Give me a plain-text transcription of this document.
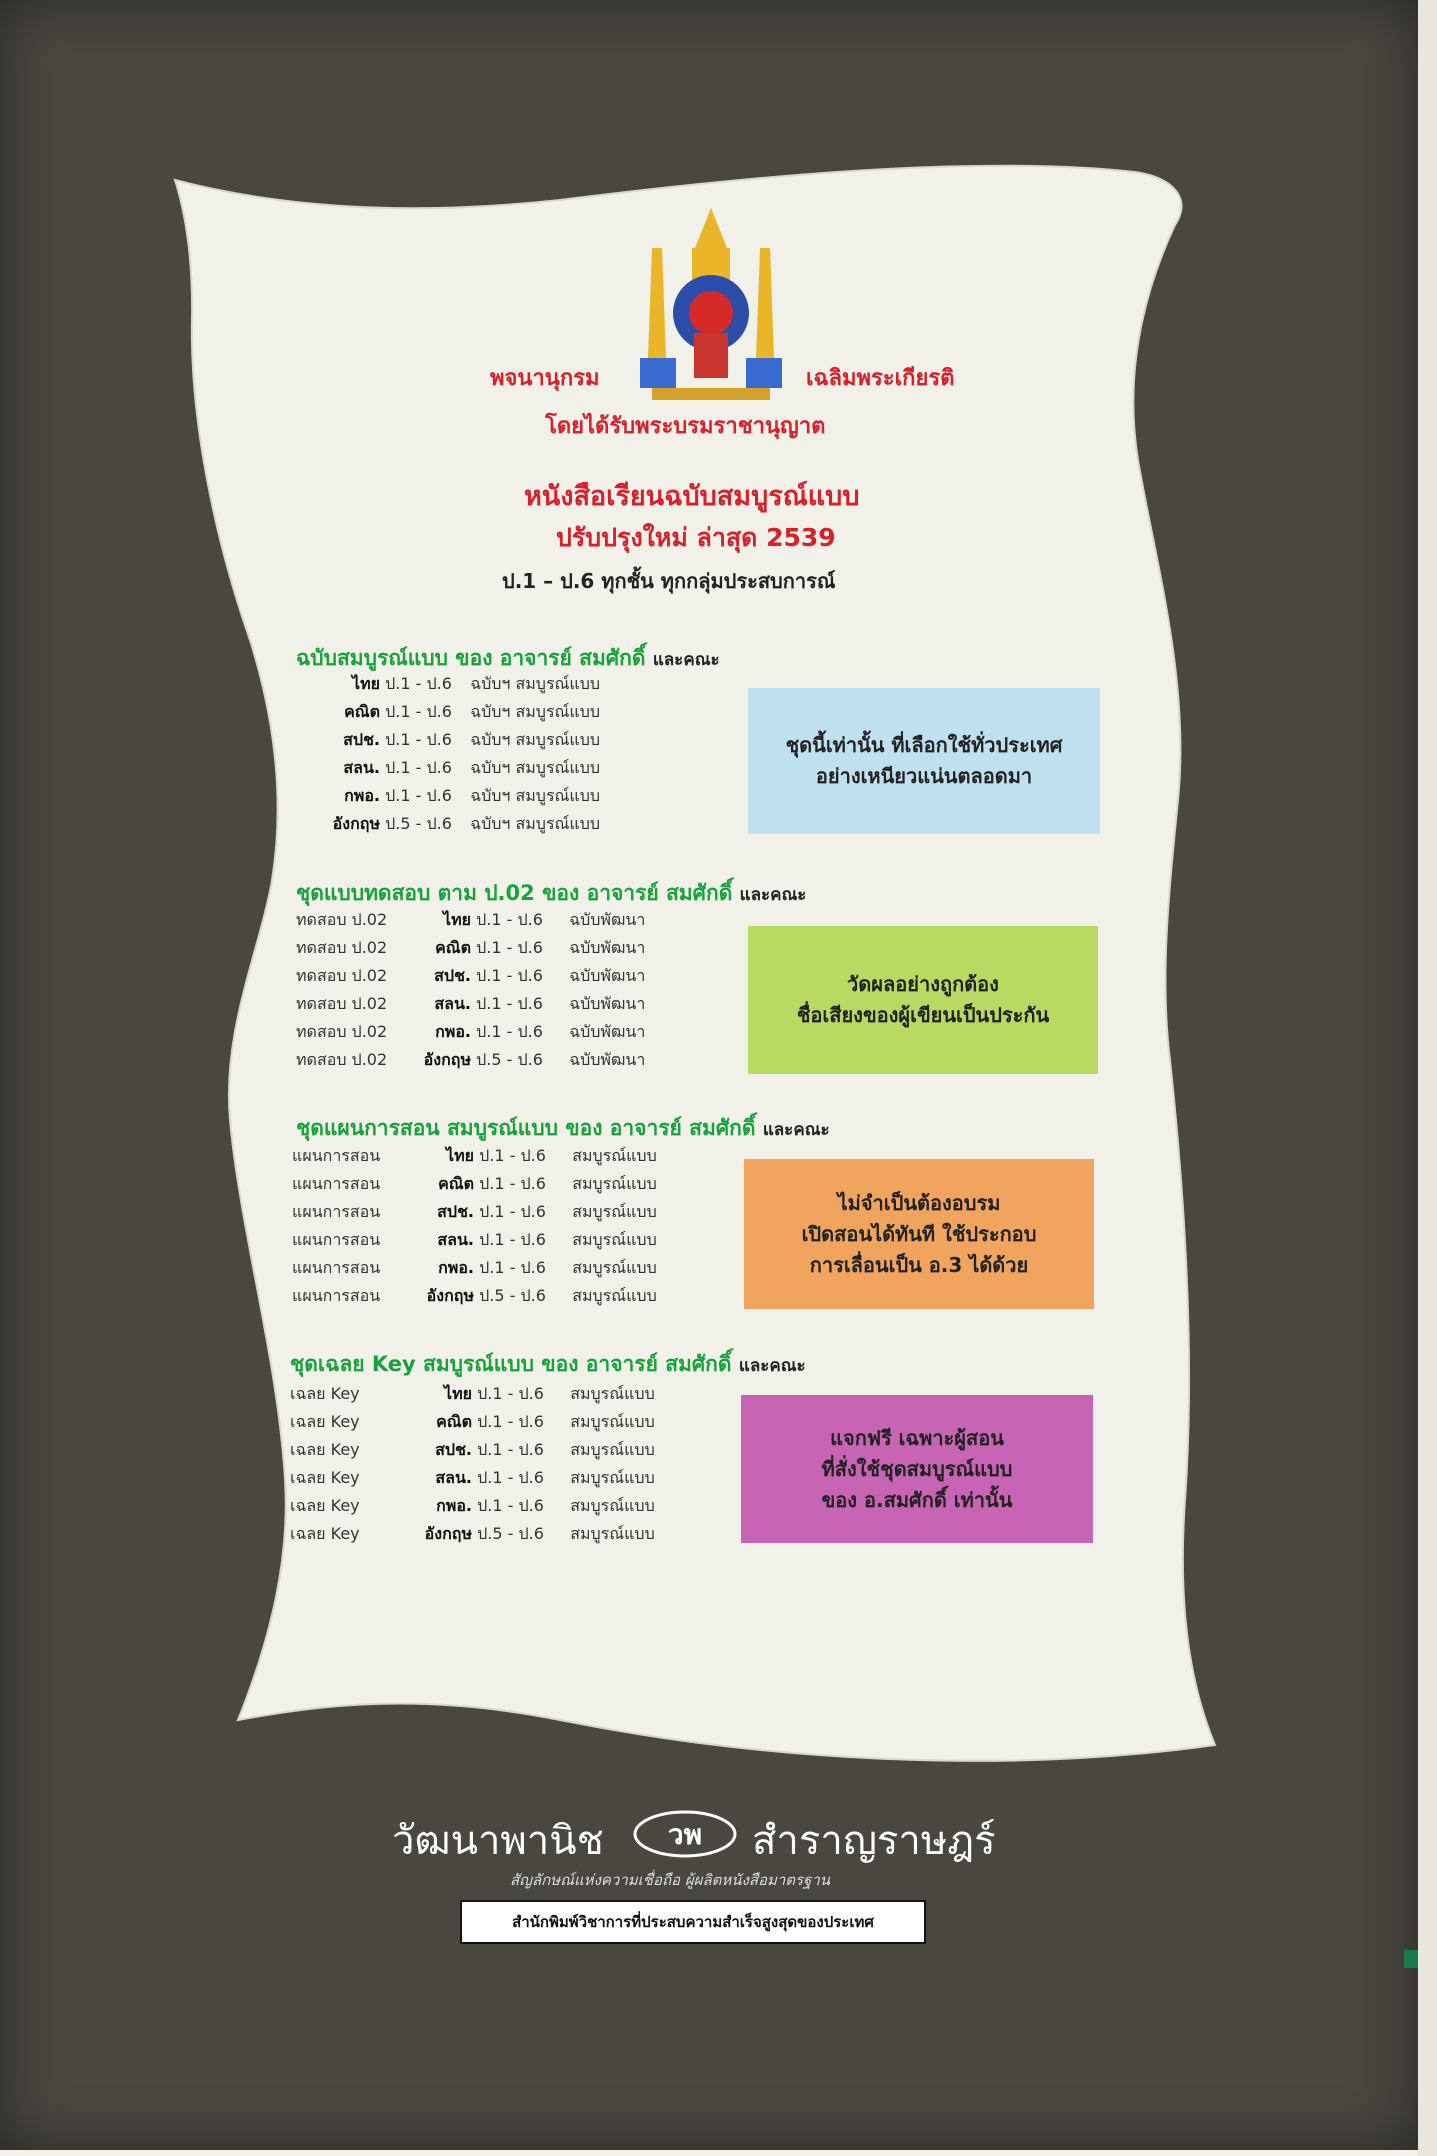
พจนานุกรม	เฉลิมพระเกียรติ
โดยได้รับพระบรมราชานุญาต
หนังสือเรียนฉบับสมบูรณ์แบบ
ปรับปรุงใหม่ ล่าสุด 2539
ป.1 – ป.6 ทุกชั้น ทุกกลุ่มประสบการณ์
ฉบับสมบูรณ์แบบ ของ อาจารย์ สมศักดิ์ และคณะ
ไทย ป.1 - ป.6 ฉบับฯ สมบูรณ์แบบ
คณิต ป.1 - ป.6 ฉบับฯ สมบูรณ์แบบ
สปช. ป.1 - ป.6 ฉบับฯ สมบูรณ์แบบ
สลน. ป.1 - ป.6 ฉบับฯ สมบูรณ์แบบ
กพอ. ป.1 - ป.6 ฉบับฯ สมบูรณ์แบบ
อังกฤษ ป.5 - ป.6 ฉบับฯ สมบูรณ์แบบ
ชุดนี้เท่านั้น ที่เลือกใช้ทั่วประเทศ
อย่างเหนียวแน่นตลอดมา
ชุดแบบทดสอบ ตาม ป.02 ของ อาจารย์ สมศักดิ์ และคณะ
ทดสอบ ป.02	ไทย ป.1 - ป.6 ฉบับพัฒนา
ทดสอบ ป.02	คณิต ป.1 - ป.6 ฉบับพัฒนา
ทดสอบ ป.02	สปช. ป.1 - ป.6 ฉบับพัฒนา
ทดสอบ ป.02	สลน. ป.1 - ป.6 ฉบับพัฒนา
ทดสอบ ป.02	กพอ. ป.1 - ป.6 ฉบับพัฒนา
ทดสอบ ป.02 อังกฤษ ป.5 - ป.6 ฉบับพัฒนา
วัดผลอย่างถูกต้อง
ชื่อเสียงของผู้เขียนเป็นประกัน
ชุดแผนการสอน สมบูรณ์แบบ ของ อาจารย์ สมศักดิ์ และคณะ
แผนการสอน	ไทย ป.1 - ป.6 สมบูรณ์แบบ
แผนการสอน	คณิต ป.1 - ป.6 สมบูรณ์แบบ
แผนการสอน	สปช. ป.1 - ป.6 สมบูรณ์แบบ
แผนการสอน	สลน. ป.1 - ป.6 สมบูรณ์แบบ
แผนการสอน	กพอ. ป.1 - ป.6 สมบูรณ์แบบ
แผนการสอน	อังกฤษ ป.5 - ป.6 สมบูรณ์แบบ
ไม่จำเป็นต้องอบรม
เปิดสอนได้ทันที ใช้ประกอบ
การเลื่อนเป็น อ.3 ได้ด้วย
ชุดเฉลย Key สมบูรณ์แบบ ของ อาจารย์ สมศักดิ์ และคณะ
เฉลย Key	ไทย ป.1 - ป.6 สมบูรณ์แบบ
เฉลย Key	คณิต ป.1 - ป.6 สมบูรณ์แบบ
เฉลย Key	สปช. ป.1 - ป.6 สมบูรณ์แบบ
เฉลย Key	สลน. ป.1 - ป.6 สมบูรณ์แบบ
เฉลย Key	กพอ. ป.1 - ป.6 สมบูรณ์แบบ
เฉลย Key	อังกฤษ ป.5 - ป.6 สมบูรณ์แบบ
แจกฟรี เฉพาะผู้สอน
ที่สั่งใช้ชุดสมบูรณ์แบบ
ของ อ.สมศักดิ์ เท่านั้น
วัฒนาพานิช วพ สำราญราษฎร์
สัญลักษณ์แห่งความเชื่อถือ ผู้ผลิตหนังสือมาตรฐาน
สำนักพิมพ์วิชาการที่ประสบความสำเร็จสูงสุดของประเทศ
